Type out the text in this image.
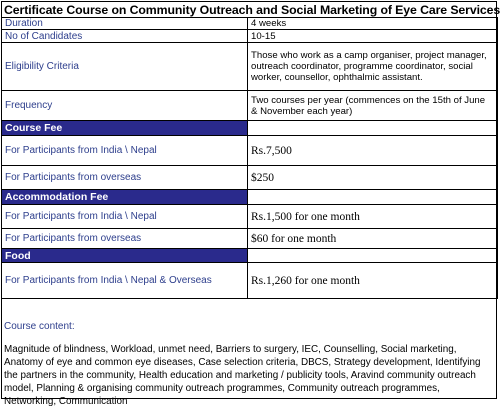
Certificate Course on Community Outreach and Social Marketing of Eye Care Services
Duration	4 weeks
No of Candidates	10-15
Eligibility Criteria	Those who work as a camp organiser, project manager, outreach coordinator, programme coordinator, social worker, counsellor, ophthalmic assistant.
Frequency	Two courses per year (commences on the 15th of June & November each year)
Course Fee	
For Participants from India \ Nepal	Rs.7,500
For Participants from overseas	$250
Accommodation Fee	
For Participants from India \ Nepal	Rs.1,500 for one month
For Participants from overseas	$60 for one month
Food	
For Participants from India \ Nepal & Overseas	Rs.1,260 for one month
Course content:
Magnitude of blindness, Workload, unmet need, Barriers to surgery, IEC, Counselling, Social marketing, Anatomy of eye and common eye diseases, Case selection criteria, DBCS, Strategy development, Identifying the partners in the community, Health education and marketing / publicity tools, Aravind community outreach model, Planning & organising community outreach programmes, Community outreach programmes, Networking, Communication
